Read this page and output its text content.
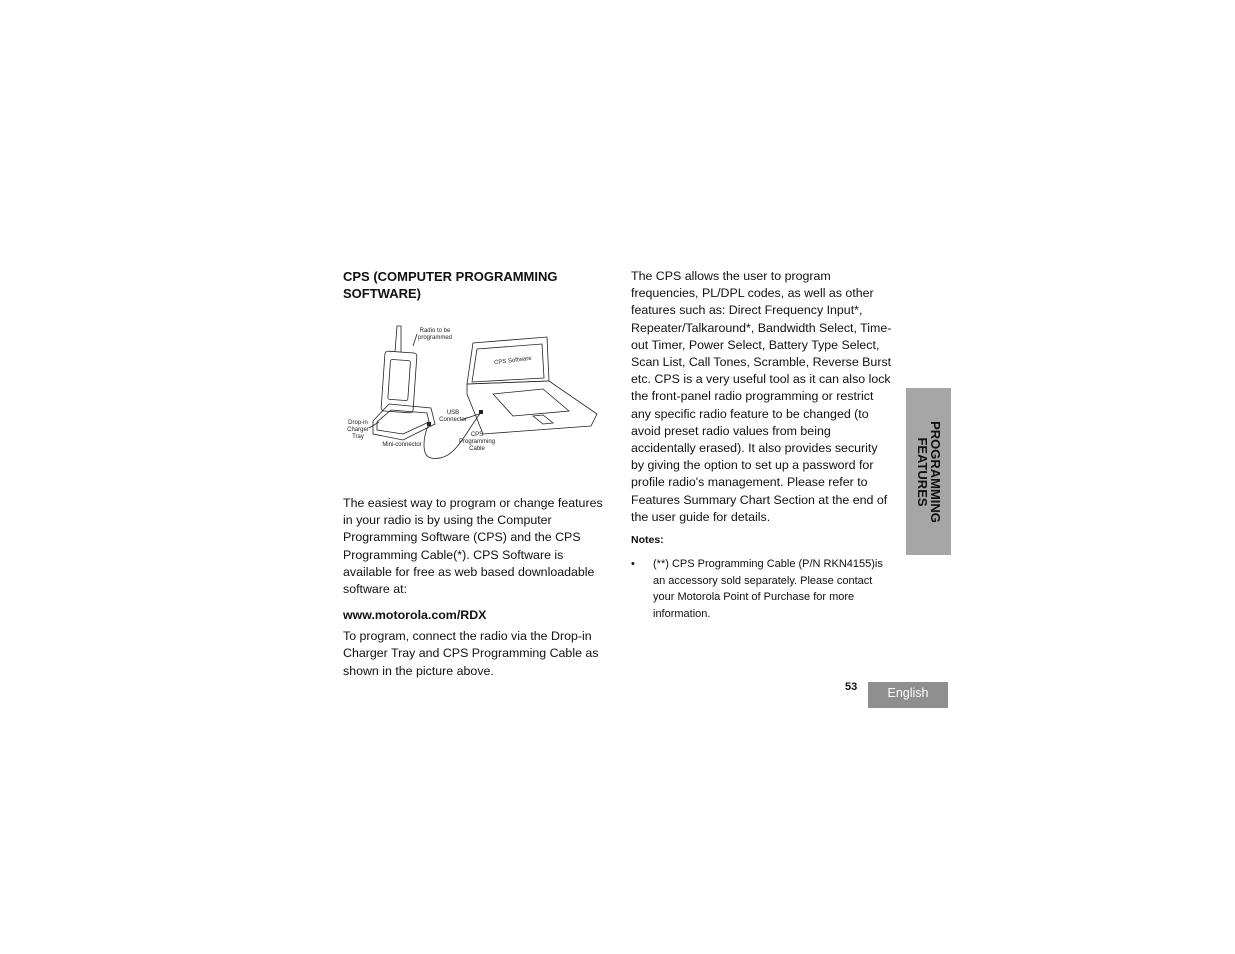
CPS (COMPUTER PROGRAMMING SOFTWARE)
Radio to be programmed
CPS Software
USB Connector
Drop-in Charger Tray	CPS Programming Cable
Mini-connector

The easiest way to program or change features in your radio is by using the Computer Programming Software (CPS) and the CPS Programming Cable(*). CPS Software is available for free as web based downloadable software at:

www.motorola.com/RDX

To program, connect the radio via the Drop-in Charger Tray and CPS Programming Cable as shown in the picture above.

The CPS allows the user to program frequencies, PL/DPL codes, as well as other features such as: Direct Frequency Input*, Repeater/Talkaround*, Bandwidth Select, Time-out Timer, Power Select, Battery Type Select, Scan List, Call Tones, Scramble, Reverse Burst etc. CPS is a very useful tool as it can also lock the front-panel radio programming or restrict any specific radio feature to be changed (to avoid preset radio values from being accidentally erased). It also provides security by giving the option to set up a password for profile radio's management. Please refer to Features Summary Chart Section at the end of the user guide for details.

Notes:
•	(**) CPS Programming Cable (P/N RKN4155)is an accessory sold separately. Please contact your Motorola Point of Purchase for more information.
PROGRAMMING
FEATURES
53	English
